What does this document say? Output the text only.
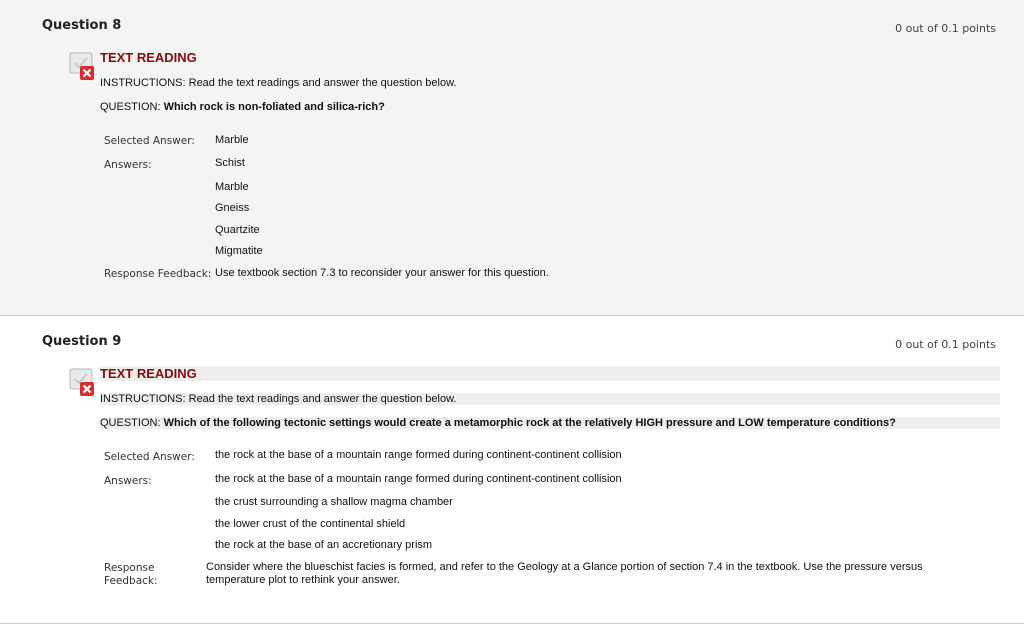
Question 8	0 out of 0.1 points
TEXT READING
INSTRUCTIONS: Read the text readings and answer the question below.
QUESTION: Which rock is non-foliated and silica-rich?
Selected Answer: Marble
Answers:	Schist
Marble
Gneiss
Quartzite
Migmatite
Response Feedback: Use textbook section 7.3 to reconsider your answer for this question.
Question 9	0 out of 0.1 points
TEXT READING
INSTRUCTIONS: Read the text readings and answer the question below.
QUESTION: Which of the following tectonic settings would create a metamorphic rock at the relatively HIGH pressure and LOW temperature conditions?
Selected Answer: the rock at the base of a mountain range formed during continent-continent collision
Answers:	the rock at the base of a mountain range formed during continent-continent collision
the crust surrounding a shallow magma chamber
the lower crust of the continental shield
the rock at the base of an accretionary prism
Response
Feedback:
Consider where the blueschist facies is formed, and refer to the Geology at a Glance portion of section 7.4 in the textbook. Use the pressure versus temperature plot to rethink your answer.
